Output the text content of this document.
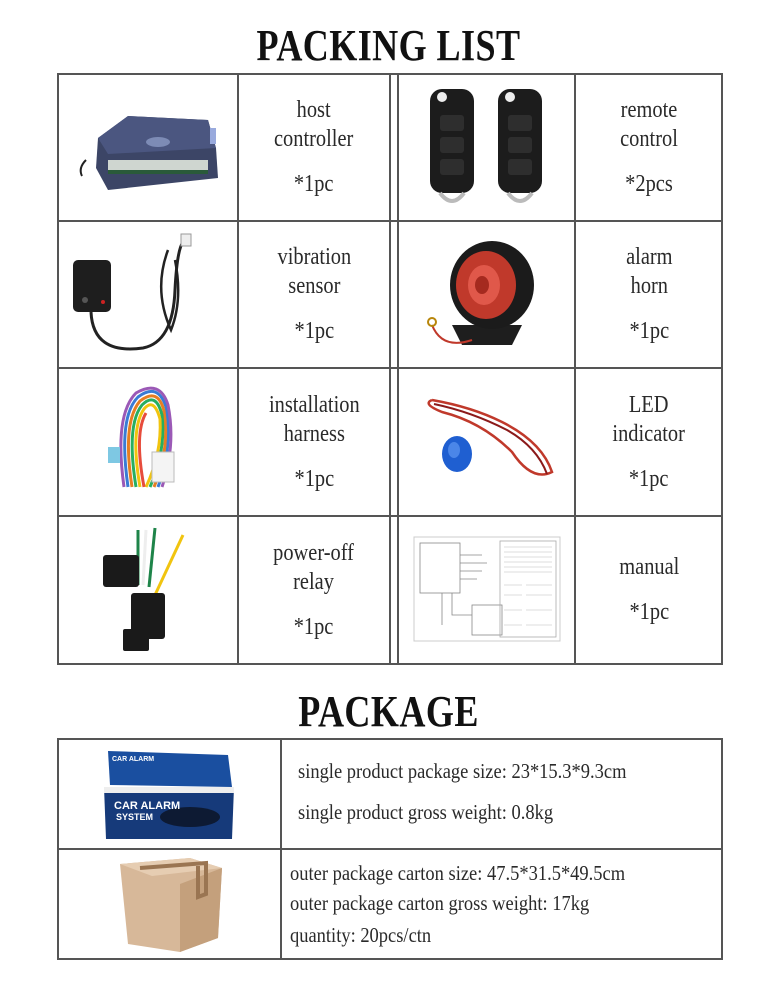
PACKING LIST
host
controller
*1pc
remote
control
*2pcs
vibration
sensor
*1pc
alarm
horn
*1pc
installation
harness
*1pc
LED
indicator
*1pc
power-off
relay
*1pc
manual
*1pc
PACKAGE
CAR ALARM
SYSTEM
CAR ALARM	single product package size: 23*15.3*9.3cm
single product gross weight: 0.8kg
outer package carton size: 47.5*31.5*49.5cm
outer package carton gross weight: 17kg
quantity: 20pcs/ctn
